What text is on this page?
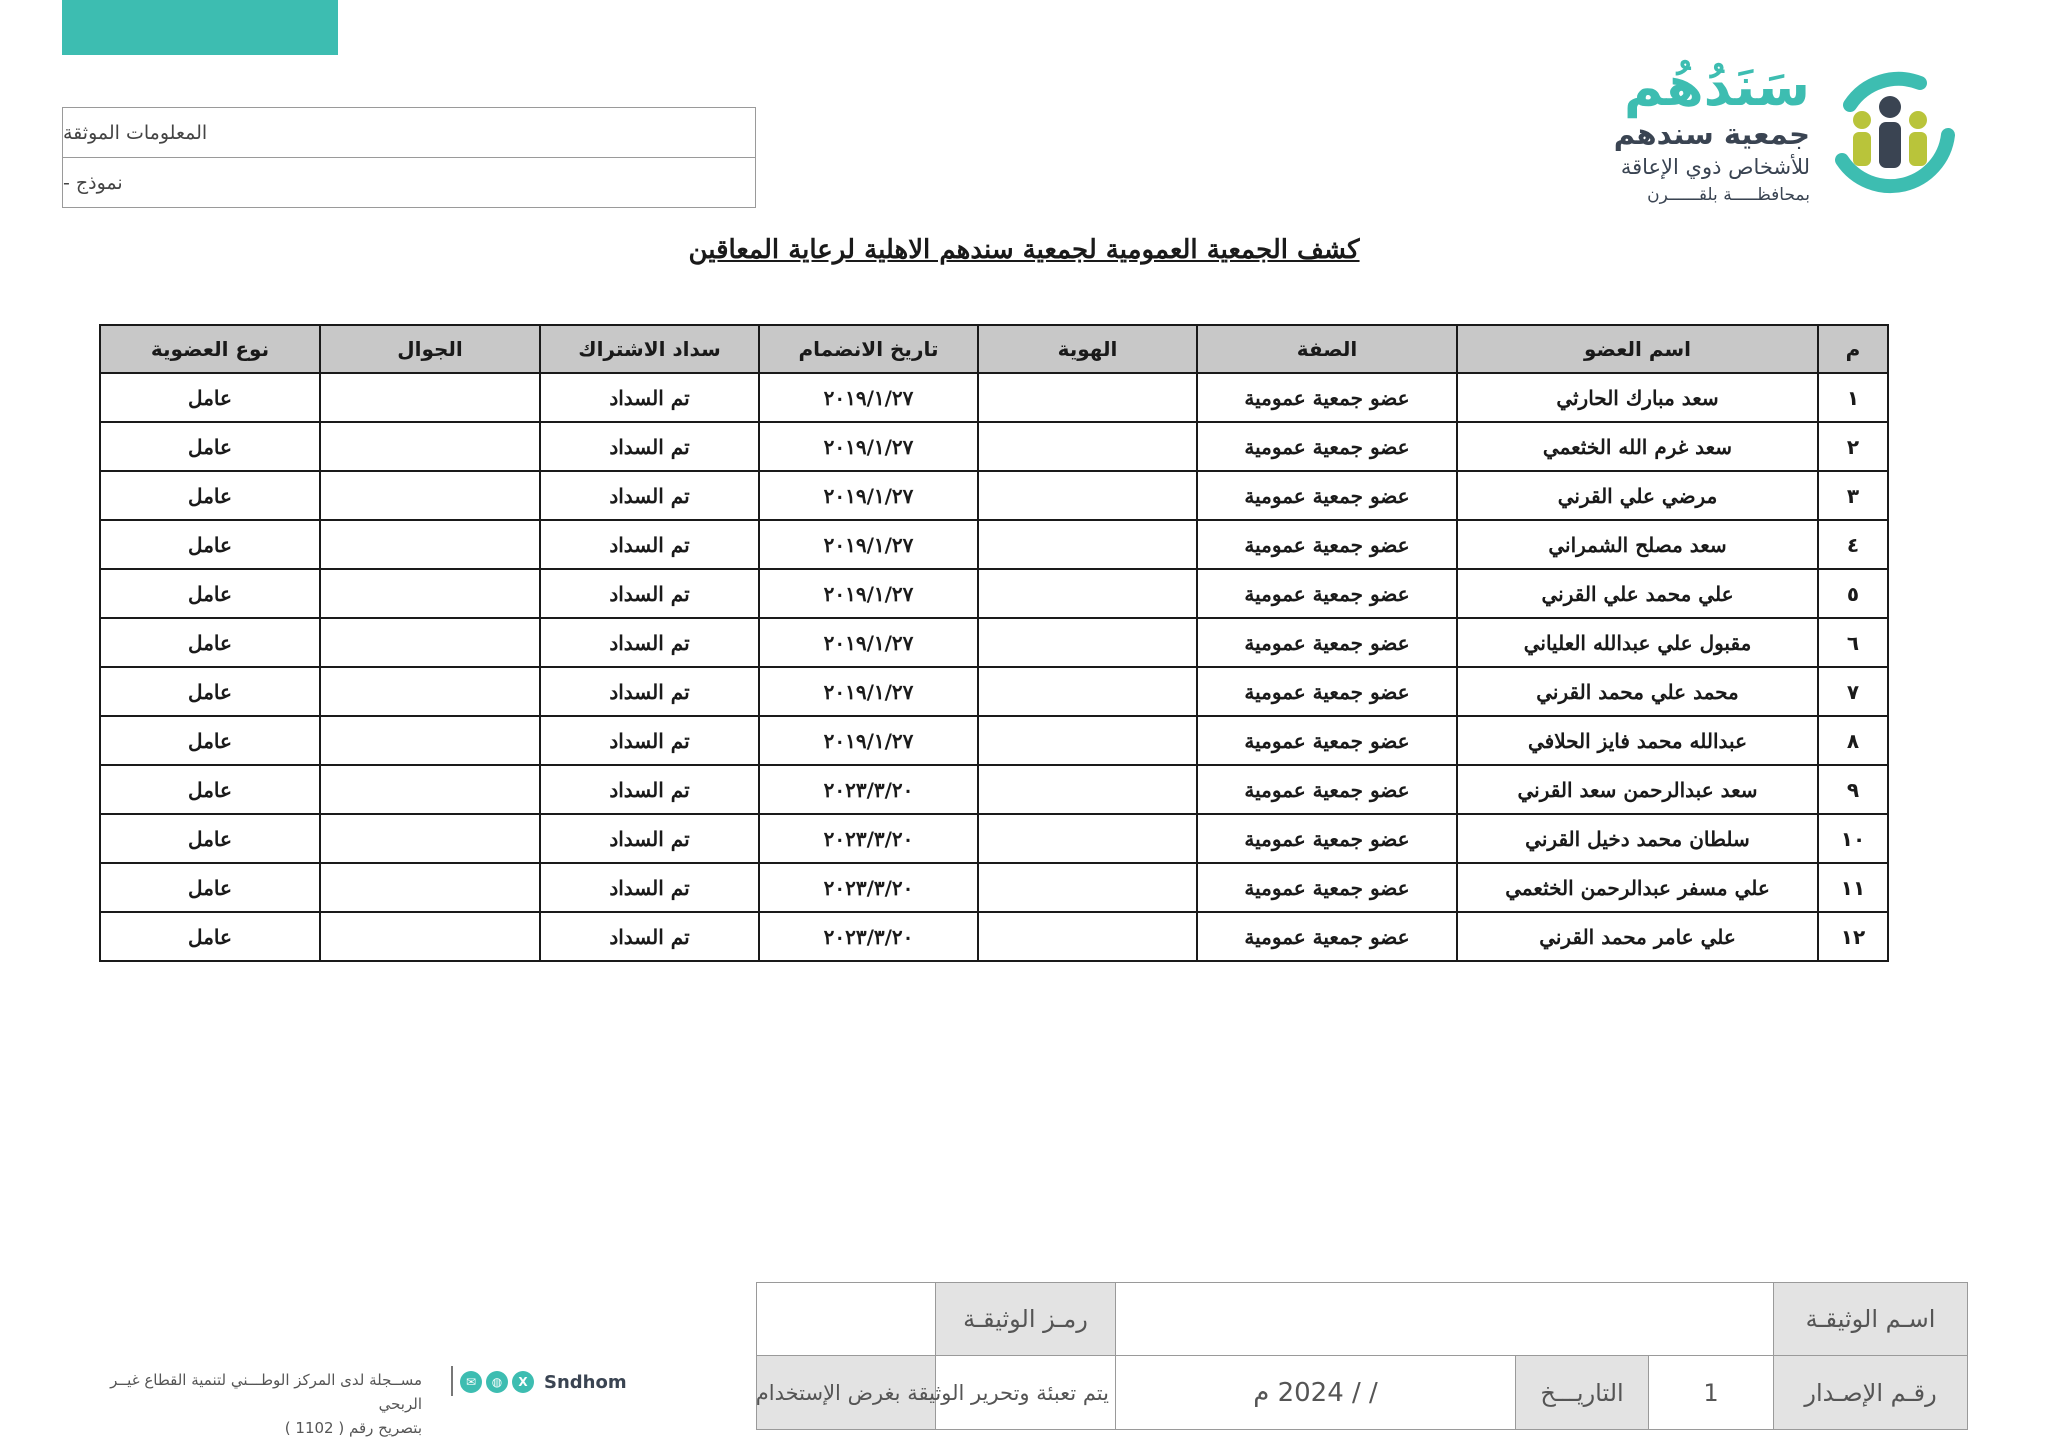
المعلومات الموثقة
نموذج -
سَنَدُهُم
جمعية سندهم
للأشخاص ذوي الإعاقة
بمحافظـــــة بلقــــــرن
كشف الجمعية العمومية لجمعية سندهم الاهلية لرعاية المعاقين
م	اسم العضو	الصفة	الهوية	تاريخ الانضمام	سداد الاشتراك	الجوال	نوع العضوية
١	سعد مبارك الحارثي	عضو جمعية عمومية		٢٠١٩/١/٢٧	تم السداد		عامل
٢	سعد غرم الله الخثعمي	عضو جمعية عمومية		٢٠١٩/١/٢٧	تم السداد		عامل
٣	مرضي علي القرني	عضو جمعية عمومية		٢٠١٩/١/٢٧	تم السداد		عامل
٤	سعد مصلح الشمراني	عضو جمعية عمومية		٢٠١٩/١/٢٧	تم السداد		عامل
٥	علي محمد علي القرني	عضو جمعية عمومية		٢٠١٩/١/٢٧	تم السداد		عامل
٦	مقبول علي عبدالله العلياني	عضو جمعية عمومية		٢٠١٩/١/٢٧	تم السداد		عامل
٧	محمد علي محمد القرني	عضو جمعية عمومية		٢٠١٩/١/٢٧	تم السداد		عامل
٨	عبدالله محمد فايز الحلافي	عضو جمعية عمومية		٢٠١٩/١/٢٧	تم السداد		عامل
٩	سعد عبدالرحمن سعد القرني	عضو جمعية عمومية		٢٠٢٣/٣/٢٠	تم السداد		عامل
١٠	سلطان محمد دخيل القرني	عضو جمعية عمومية		٢٠٢٣/٣/٢٠	تم السداد		عامل
١١	علي مسفر عبدالرحمن الخثعمي	عضو جمعية عمومية		٢٠٢٣/٣/٢٠	تم السداد		عامل
١٢	علي عامر محمد القرني	عضو جمعية عمومية		٢٠٢٣/٣/٢٠	تم السداد		عامل
اسـم الوثيقـة				رمـز الوثيقـة	
رقـم الإصـدار	1	التاريـــخ	/ / 2024 م	يتم تعبئة وتحرير الوثيقة بغرض الإستخدام	
مســجلة لدى المركز الوطـــني لتنمية القطاع غيــر الربحي
بتصريح رقم ( 1102 )
✉	◍	X Sndhom
